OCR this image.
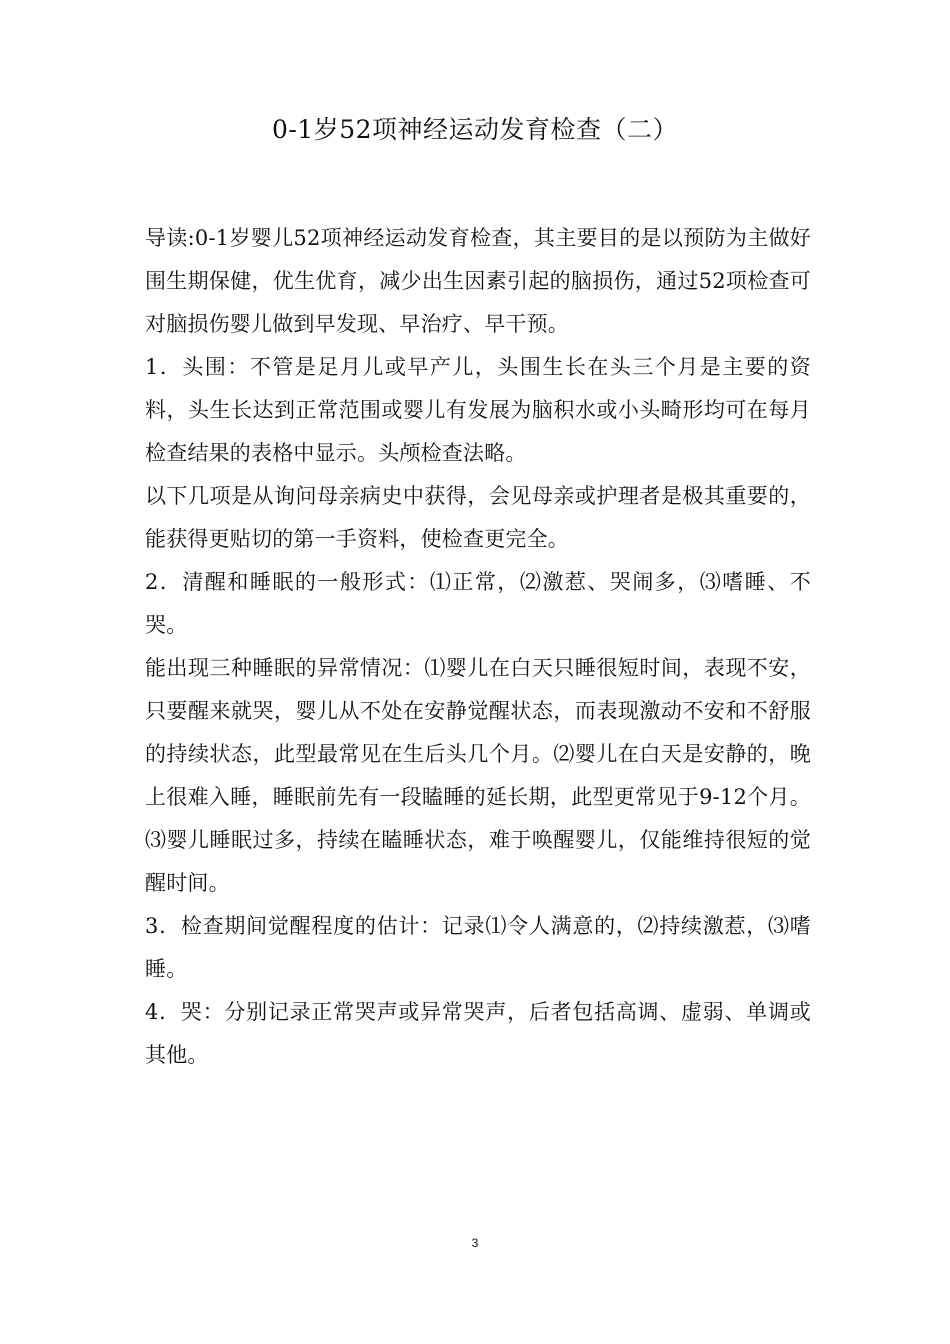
0-1岁52项神经运动发育检查（二）

导读:0-1岁婴儿52项神经运动发育检查，其主要目的是以预防为主做好围生期保健，优生优育，减少出生因素引起的脑损伤，通过52项检查可对脑损伤婴儿做到早发现、早治疗、早干预。

1．头围：不管是足月儿或早产儿，头围生长在头三个月是主要的资料，头生长达到正常范围或婴儿有发展为脑积水或小头畸形均可在每月检查结果的表格中显示。头颅检查法略。

以下几项是从询问母亲病史中获得，会见母亲或护理者是极其重要的，能获得更贴切的第一手资料，使检查更完全。

2．清醒和睡眠的一般形式：⑴正常，⑵激惹、哭闹多，⑶嗜睡、不哭。

能出现三种睡眠的异常情况：⑴婴儿在白天只睡很短时间，表现不安，只要醒来就哭，婴儿从不处在安静觉醒状态，而表现激动不安和不舒服的持续状态，此型最常见在生后头几个月。⑵婴儿在白天是安静的，晚上很难入睡，睡眠前先有一段瞌睡的延长期，此型更常见于9-12个月。⑶婴儿睡眠过多，持续在瞌睡状态，难于唤醒婴儿，仅能维持很短的觉醒时间。

3．检查期间觉醒程度的估计：记录⑴令人满意的，⑵持续激惹，⑶嗜睡。

4．哭：分别记录正常哭声或异常哭声，后者包括高调、虚弱、单调或其他。

3
